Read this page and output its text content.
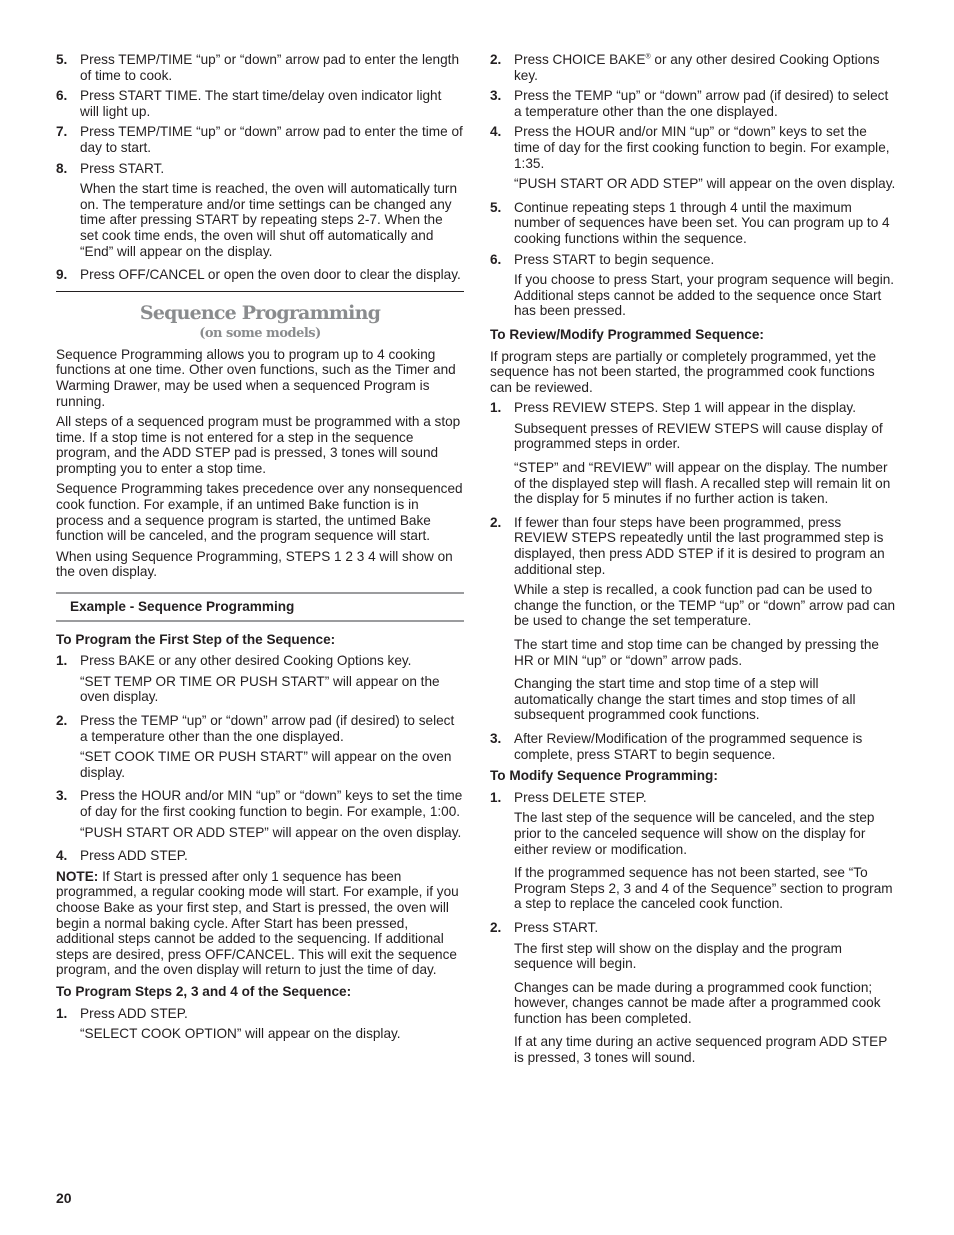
5. Press TEMP/TIME “up” or “down” arrow pad to enter the length of time to cook.
6. Press START TIME. The start time/delay oven indicator light will light up.
7. Press TEMP/TIME “up” or “down” arrow pad to enter the time of day to start.
8. Press START.

When the start time is reached, the oven will automatically turn on. The temperature and/or time settings can be changed any time after pressing START by repeating steps 2-7. When the set cook time ends, the oven will shut off automatically and “End” will appear on the display.

9. Press OFF/CANCEL or open the oven door to clear the display.
Sequence Programming
(on some models)

Sequence Programming allows you to program up to 4 cooking functions at one time. Other oven functions, such as the Timer and Warming Drawer, may be used when a sequenced Program is running.

All steps of a sequenced program must be programmed with a stop time. If a stop time is not entered for a step in the sequence program, and the ADD STEP pad is pressed, 3 tones will sound prompting you to enter a stop time.

Sequence Programming takes precedence over any nonsequenced cook function. For example, if an untimed Bake function is in process and a sequence program is started, the untimed Bake function will be canceled, and the program sequence will start.

When using Sequence Programming, STEPS 1 2 3 4 will show on the oven display.

Example - Sequence Programming
To Program the First Step of the Sequence:
1. Press BAKE or any other desired Cooking Options key.

“SET TEMP OR TIME OR PUSH START” will appear on the oven display.

2. Press the TEMP “up” or “down” arrow pad (if desired) to select a temperature other than the one displayed.

“SET COOK TIME OR PUSH START” will appear on the oven display.

3. Press the HOUR and/or MIN “up” or “down” keys to set the time of day for the first cooking function to begin. For example, 1:00.

“PUSH START OR ADD STEP” will appear on the oven display.

4. Press ADD STEP.

NOTE: If Start is pressed after only 1 sequence has been programmed, a regular cooking mode will start. For example, if you choose Bake as your first step, and Start is pressed, the oven will begin a normal baking cycle. After Start has been pressed, additional steps cannot be added to the sequencing. If additional steps are desired, press OFF/CANCEL. This will exit the sequence program, and the oven display will return to just the time of day.

To Program Steps 2, 3 and 4 of the Sequence:
1. Press ADD STEP.

“SELECT COOK OPTION” will appear on the display.

2. Press CHOICE BAKE® or any other desired Cooking Options key.
3. Press the TEMP “up” or “down” arrow pad (if desired) to select a temperature other than the one displayed.
4. Press the HOUR and/or MIN “up” or “down” keys to set the time of day for the first cooking function to begin. For example, 1:35.

“PUSH START OR ADD STEP” will appear on the oven display.

5. Continue repeating steps 1 through 4 until the maximum number of sequences have been set. You can program up to 4 cooking functions within the sequence.
6. Press START to begin sequence.

If you choose to press Start, your program sequence will begin. Additional steps cannot be added to the sequence once Start has been pressed.

To Review/Modify Programmed Sequence:

If program steps are partially or completely programmed, yet the sequence has not been started, the programmed cook functions can be reviewed.

1. Press REVIEW STEPS. Step 1 will appear in the display.

Subsequent presses of REVIEW STEPS will cause display of programmed steps in order.

“STEP” and “REVIEW” will appear on the display. The number of the displayed step will flash. A recalled step will remain lit on the display for 5 minutes if no further action is taken.

2. If fewer than four steps have been programmed, press REVIEW STEPS repeatedly until the last programmed step is displayed, then press ADD STEP if it is desired to program an additional step.

While a step is recalled, a cook function pad can be used to change the function, or the TEMP “up” or “down” arrow pad can be used to change the set temperature.

The start time and stop time can be changed by pressing the HR or MIN “up” or “down” arrow pads.

Changing the start time and stop time of a step will automatically change the start times and stop times of all subsequent programmed cook functions.

3. After Review/Modification of the programmed sequence is complete, press START to begin sequence.
To Modify Sequence Programming:
1. Press DELETE STEP.

The last step of the sequence will be canceled, and the step prior to the canceled sequence will show on the display for either review or modification.

If the programmed sequence has not been started, see “To Program Steps 2, 3 and 4 of the Sequence” section to program a step to replace the canceled cook function.

2. Press START.

The first step will show on the display and the program sequence will begin.

Changes can be made during a programmed cook function; however, changes cannot be made after a programmed cook function has been completed.

If at any time during an active sequenced program ADD STEP is pressed, 3 tones will sound.

20
